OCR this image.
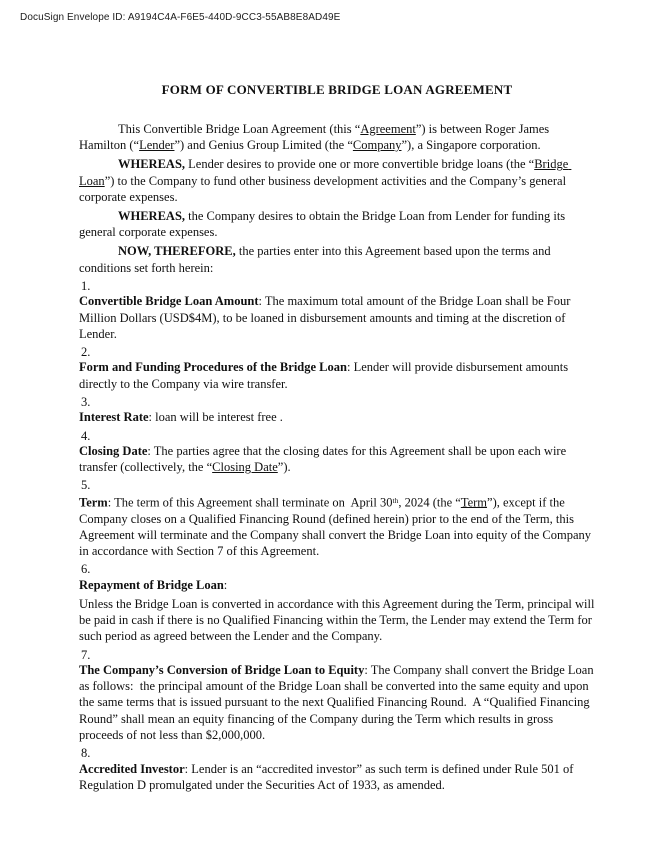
DocuSign Envelope ID: A9194C4A-F6E5-440D-9CC3-55AB8E8AD49E
FORM OF CONVERTIBLE BRIDGE LOAN AGREEMENT

This Convertible Bridge Loan Agreement (this “Agreement”) is between Roger James Hamilton (“Lender”) and Genius Group Limited (the “Company”), a Singapore corporation.

WHEREAS, Lender desires to provide one or more convertible bridge loans (the “Bridge Loan”) to the Company to fund other business development activities and the Company’s general corporate expenses.

WHEREAS, the Company desires to obtain the Bridge Loan from Lender for funding its general corporate expenses.

NOW, THEREFORE, the parties enter into this Agreement based upon the terms and conditions set forth herein:

1.

Convertible Bridge Loan Amount: The maximum total amount of the Bridge Loan shall be Four Million Dollars (USD$4M), to be loaned in disbursement amounts and timing at the discretion of Lender.

2.

Form and Funding Procedures of the Bridge Loan: Lender will provide disbursement amounts directly to the Company via wire transfer.

3.

Interest Rate: loan will be interest free .

4.

Closing Date: The parties agree that the closing dates for this Agreement shall be upon each wire transfer (collectively, the “Closing Date”).

5.

Term: The term of this Agreement shall terminate on  April 30th, 2024 (the “Term”), except if the Company closes on a Qualified Financing Round (defined herein) prior to the end of the Term, this Agreement will terminate and the Company shall convert the Bridge Loan into equity of the Company in accordance with Section 7 of this Agreement.

6.

Repayment of Bridge Loan:

Unless the Bridge Loan is converted in accordance with this Agreement during the Term, principal will be paid in cash if there is no Qualified Financing within the Term, the Lender may extend the Term for such period as agreed between the Lender and the Company.

7.

The Company’s Conversion of Bridge Loan to Equity: The Company shall convert the Bridge Loan as follows:  the principal amount of the Bridge Loan shall be converted into the same equity and upon the same terms that is issued pursuant to the next Qualified Financing Round.  A “Qualified Financing Round” shall mean an equity financing of the Company during the Term which results in gross proceeds of not less than $2,000,000.

8.

Accredited Investor: Lender is an “accredited investor” as such term is defined under Rule 501 of Regulation D promulgated under the Securities Act of 1933, as amended.
